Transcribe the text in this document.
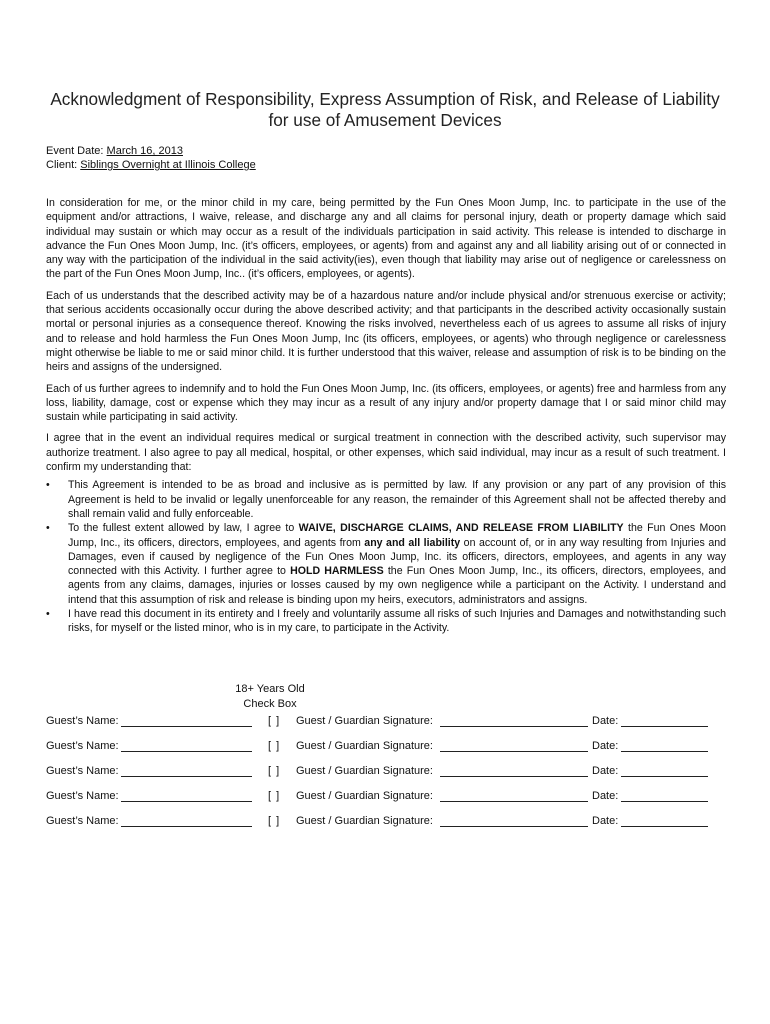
Acknowledgment of Responsibility, Express Assumption of Risk, and Release of Liability for use of Amusement Devices
Event Date: March 16, 2013
Client: Siblings Overnight at Illinois College

In consideration for me, or the minor child in my care, being permitted by the Fun Ones Moon Jump, Inc. to participate in the use of the equipment and/or attractions, I waive, release, and discharge any and all claims for personal injury, death or property damage which said individual may sustain or which may occur as a result of the individuals participation in said activity. This release is intended to discharge in advance the Fun Ones Moon Jump, Inc. (it’s officers, employees, or agents) from and against any and all liability arising out of or connected in any way with the participation of the individual in the said activity(ies), even though that liability may arise out of negligence or carelessness on the part of the Fun Ones Moon Jump, Inc.. (it’s officers, employees, or agents).

Each of us understands that the described activity may be of a hazardous nature and/or include physical and/or strenuous exercise or activity; that serious accidents occasionally occur during the above described activity; and that participants in the described activity occasionally sustain mortal or personal injuries as a consequence thereof. Knowing the risks involved, nevertheless each of us agrees to assume all risks of injury and to release and hold harmless the Fun Ones Moon Jump, Inc (its officers, employees, or agents) who through negligence or carelessness might otherwise be liable to me or said minor child. It is further understood that this waiver, release and assumption of risk is to be binding on the heirs and assigns of the undersigned.

Each of us further agrees to indemnify and to hold the Fun Ones Moon Jump, Inc. (its officers, employees, or agents) free and harmless from any loss, liability, damage, cost or expense which they may incur as a result of any injury and/or property damage that I or said minor child may sustain while participating in said activity.

I agree that in the event an individual requires medical or surgical treatment in connection with the described activity, such supervisor may authorize treatment. I also agree to pay all medical, hospital, or other expenses, which said individual, may incur as a result of such treatment. I confirm my understanding that:

• This Agreement is intended to be as broad and inclusive as is permitted by law. If any provision or any part of any provision of this Agreement is held to be invalid or legally unenforceable for any reason, the remainder of this Agreement shall not be affected thereby and shall remain valid and fully enforceable.
• To the fullest extent allowed by law, I agree to WAIVE, DISCHARGE CLAIMS, AND RELEASE FROM LIABILITY the Fun Ones Moon Jump, Inc., its officers, directors, employees, and agents from any and all liability on account of, or in any way resulting from Injuries and Damages, even if caused by negligence of the Fun Ones Moon Jump, Inc. its officers, directors, employees, and agents in any way connected with this Activity. I further agree to HOLD HARMLESS the Fun Ones Moon Jump, Inc., its officers, directors, employees, and agents from any claims, damages, injuries or losses caused by my own negligence while a participant on the Activity. I understand and intend that this assumption of risk and release is binding upon my heirs, executors, administrators and assigns.
• I have read this document in its entirety and I freely and voluntarily assume all risks of such Injuries and Damages and notwithstanding such risks, for myself or the listed minor, who is in my care, to participate in the Activity.
18+ Years Old
Check Box
Guest’s Name:	[ ] Guest / Guardian Signature:	Date:
Guest’s Name:	[ ] Guest / Guardian Signature:	Date:
Guest’s Name:	[ ] Guest / Guardian Signature:	Date:
Guest’s Name:	[ ] Guest / Guardian Signature:	Date:
Guest’s Name:	[ ] Guest / Guardian Signature:	Date:
